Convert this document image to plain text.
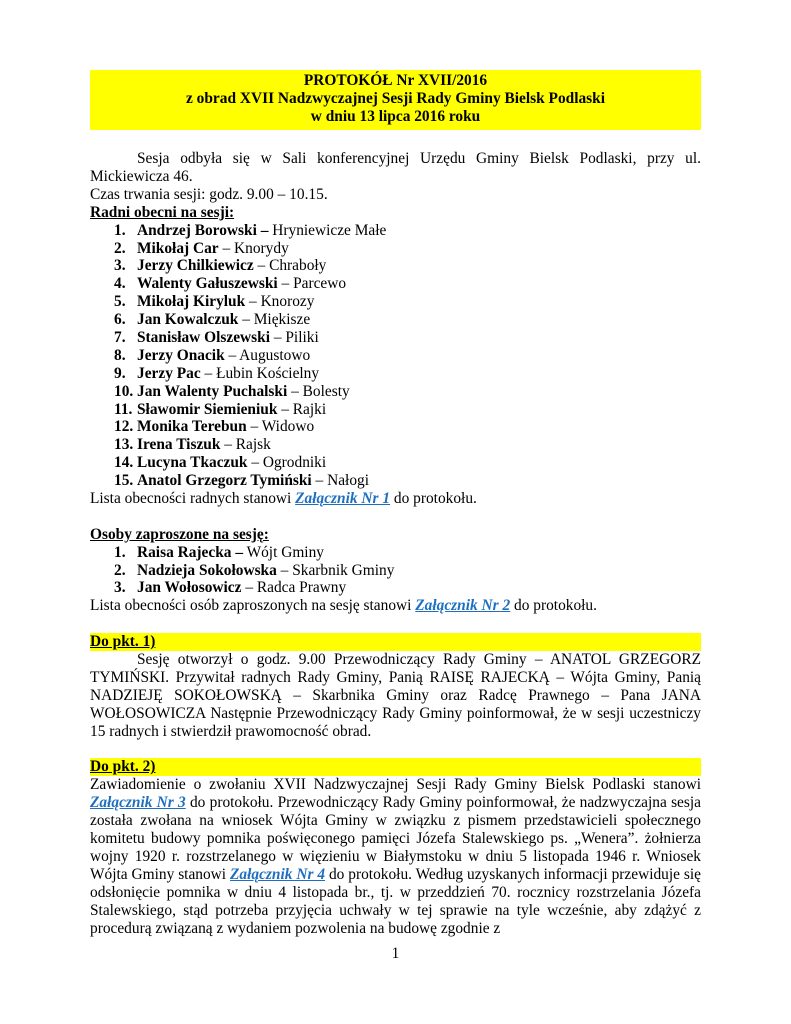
PROTOKÓŁ Nr XVII/2016
z obrad XVII Nadzwyczajnej Sesji Rady Gminy Bielsk Podlaski
w dniu 13 lipca 2016 roku

Sesja odbyła się w Sali konferencyjnej Urzędu Gminy Bielsk Podlaski, przy ul. Mickiewicza 46.

Czas trwania sesji: godz. 9.00 – 10.15.

Radni obecni na sesji:

1. Andrzej Borowski – Hryniewicze Małe
2. Mikołaj Car – Knorydy
3. Jerzy Chilkiewicz – Chraboły
4. Walenty Gałuszewski – Parcewo
5. Mikołaj Kiryluk – Knorozy
6. Jan Kowalczuk – Miękisze
7. Stanisław Olszewski – Piliki
8. Jerzy Onacik – Augustowo
9. Jerzy Pac – Łubin Kościelny
10. Jan Walenty Puchalski – Bolesty
11. Sławomir Siemieniuk – Rajki
12. Monika Terebun – Widowo
13. Irena Tiszuk – Rajsk
14. Lucyna Tkaczuk – Ogrodniki
15. Anatol Grzegorz Tymiński – Nałogi

Lista obecności radnych stanowi Załącznik Nr 1 do protokołu.

Osoby zaproszone na sesję:

1. Raisa Rajecka – Wójt Gminy
2. Nadzieja Sokołowska – Skarbnik Gminy
3. Jan Wołosowicz – Radca Prawny

Lista obecności osób zaproszonych na sesję stanowi Załącznik Nr 2 do protokołu.

Do pkt. 1)

Sesję otworzył o godz. 9.00 Przewodniczący Rady Gminy – ANATOL GRZEGORZ TYMIŃSKI. Przywitał radnych Rady Gminy, Panią RAISĘ RAJECKĄ – Wójta Gminy, Panią NADZIEJĘ SOKOŁOWSKĄ – Skarbnika Gminy oraz Radcę Prawnego – Pana JANA WOŁOSOWICZA Następnie Przewodniczący Rady Gminy poinformował, że w sesji uczestniczy 15 radnych i stwierdził prawomocność obrad.

Do pkt. 2)

Zawiadomienie o zwołaniu XVII Nadzwyczajnej Sesji Rady Gminy Bielsk Podlaski stanowi Załącznik Nr 3 do protokołu. Przewodniczący Rady Gminy poinformował, że nadzwyczajna sesja została zwołana na wniosek Wójta Gminy w związku z pismem przedstawicieli społecznego komitetu budowy pomnika poświęconego pamięci Józefa Stalewskiego ps. „Wenera”. żołnierza wojny 1920 r. rozstrzelanego w więzieniu w Białymstoku w dniu 5 listopada 1946 r. Wniosek Wójta Gminy stanowi Załącznik Nr 4 do protokołu. Według uzyskanych informacji przewiduje się odsłonięcie pomnika w dniu 4 listopada br., tj. w przeddzień 70. rocznicy rozstrzelania Józefa Stalewskiego, stąd potrzeba przyjęcia uchwały w tej sprawie na tyle wcześnie, aby zdążyć z procedurą związaną z wydaniem pozwolenia na budowę zgodnie z

1
